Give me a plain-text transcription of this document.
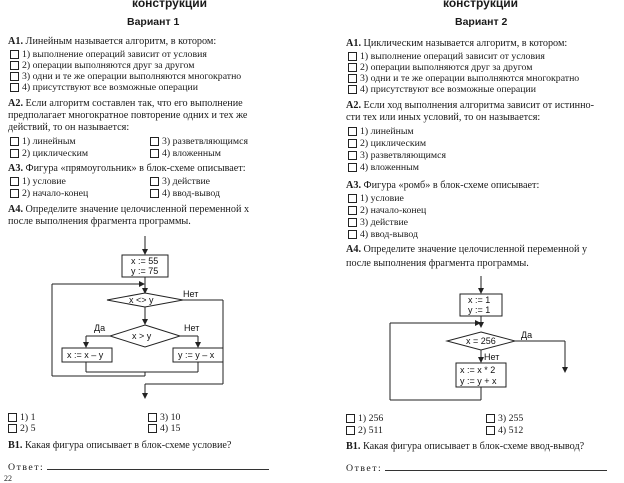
конструкции
Вариант 1
А1. Линейным называется алгоритм, в котором:
1) выполнение операций зависит от условия
2) операции выполняются друг за другом
3) одни и те же операции выполняются многократно
4) присутствуют все возможные операции
А2. Если алгоритм составлен так, что его выполнение
предполагает многократное повторение одних и тех же
действий, то он называется:
1) линейным
2) циклическим
3) разветвляющимся
4) вложенным
А3. Фигура «прямоугольник» в блок-схеме описывает:
1) условие
2) начало-конец
3) действие
4) ввод-вывод
А4. Определите значение целочисленной переменной x
после выполнения фрагмента программы.
x := 55
y := 75
x <> y
Нет
x > y
Да	Нет
x := x – y	y := y – x
1) 1
2) 5
3) 10
4) 15
В1. Какая фигура описывает в блок-схеме условие?
Ответ:
22
конструкции
Вариант 2
А1. Циклическим называется алгоритм, в котором:
1) выполнение операций зависит от условия
2) операции выполняются друг за другом
3) одни и те же операции выполняются многократно
4) присутствуют все возможные операции
А2. Если ход выполнения алгоритма зависит от истинно-
сти тех или иных условий, то он называется:
1) линейным
2) циклическим
3) разветвляющимся
4) вложенным
А3. Фигура «ромб» в блок-схеме описывает:
1) условие
2) начало-конец
3) действие
4) ввод-вывод
А4. Определите значение целочисленной переменной y
после выполнения фрагмента программы.
x := 1
y := 1
x = 256
Да
Нет
x := x * 2
y := y + x
1) 256
2) 511
3) 255
4) 512
В1. Какая фигура описывает в блок-схеме ввод-вывод?
Ответ:
